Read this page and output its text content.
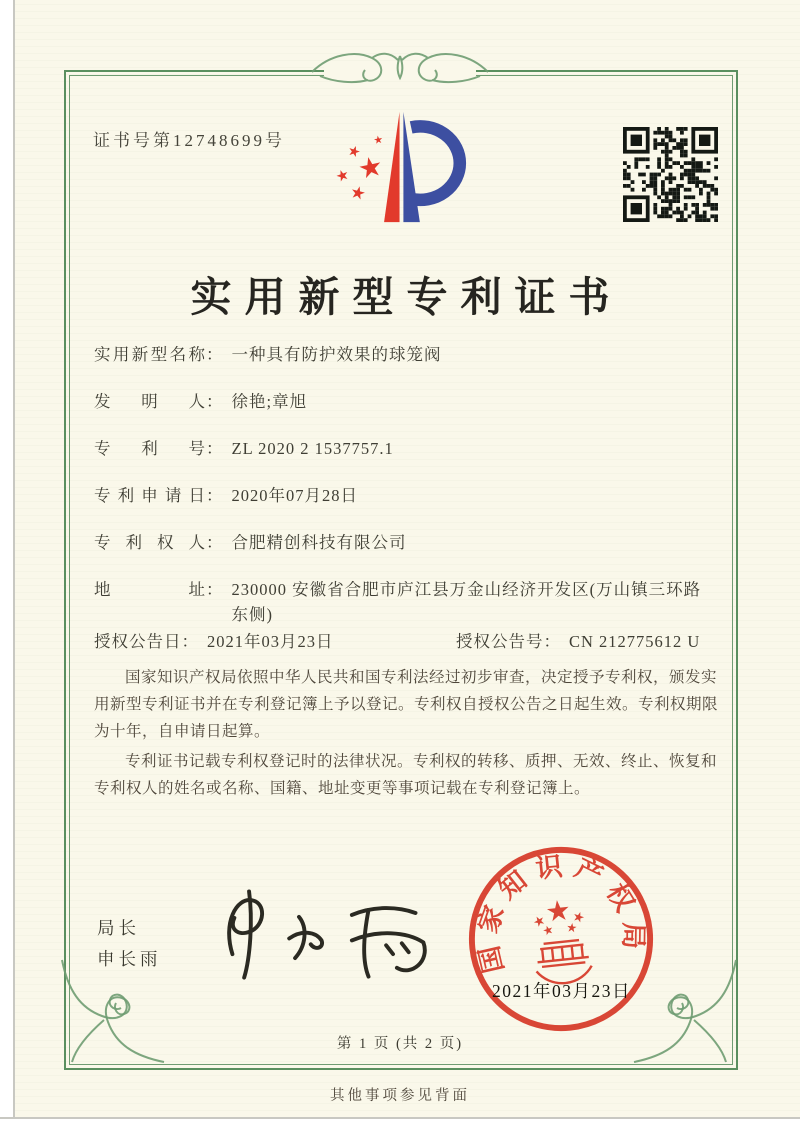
证书号第12748699号
实用新型专利证书
实用新型名称 ： 一种具有防护效果的球笼阀
发明人 ： 徐艳;章旭
专利号 ： ZL 2020 2 1537757.1
专利申请日 ： 2020年07月28日
专利权人 ： 合肥精创科技有限公司
地址 ： 230000 安徽省合肥市庐江县万金山经济开发区(万山镇三环路东侧)
授权公告日 ： 2021年03月23日	授权公告号 ： CN 212775612 U

国家知识产权局依照中华人民共和国专利法经过初步审查，决定授予专利权，颁发实用新型专利证书并在专利登记簿上予以登记。专利权自授权公告之日起生效。专利权期限为十年，自申请日起算。

专利证书记载专利权登记时的法律状况。专利权的转移、质押、无效、终止、恢复和专利权人的姓名或名称、国籍、地址变更等事项记载在专利登记簿上。

局长
申长雨	国家知识产权局
2021年03月23日
第 1 页 (共 2 页)
其他事项参见背面
